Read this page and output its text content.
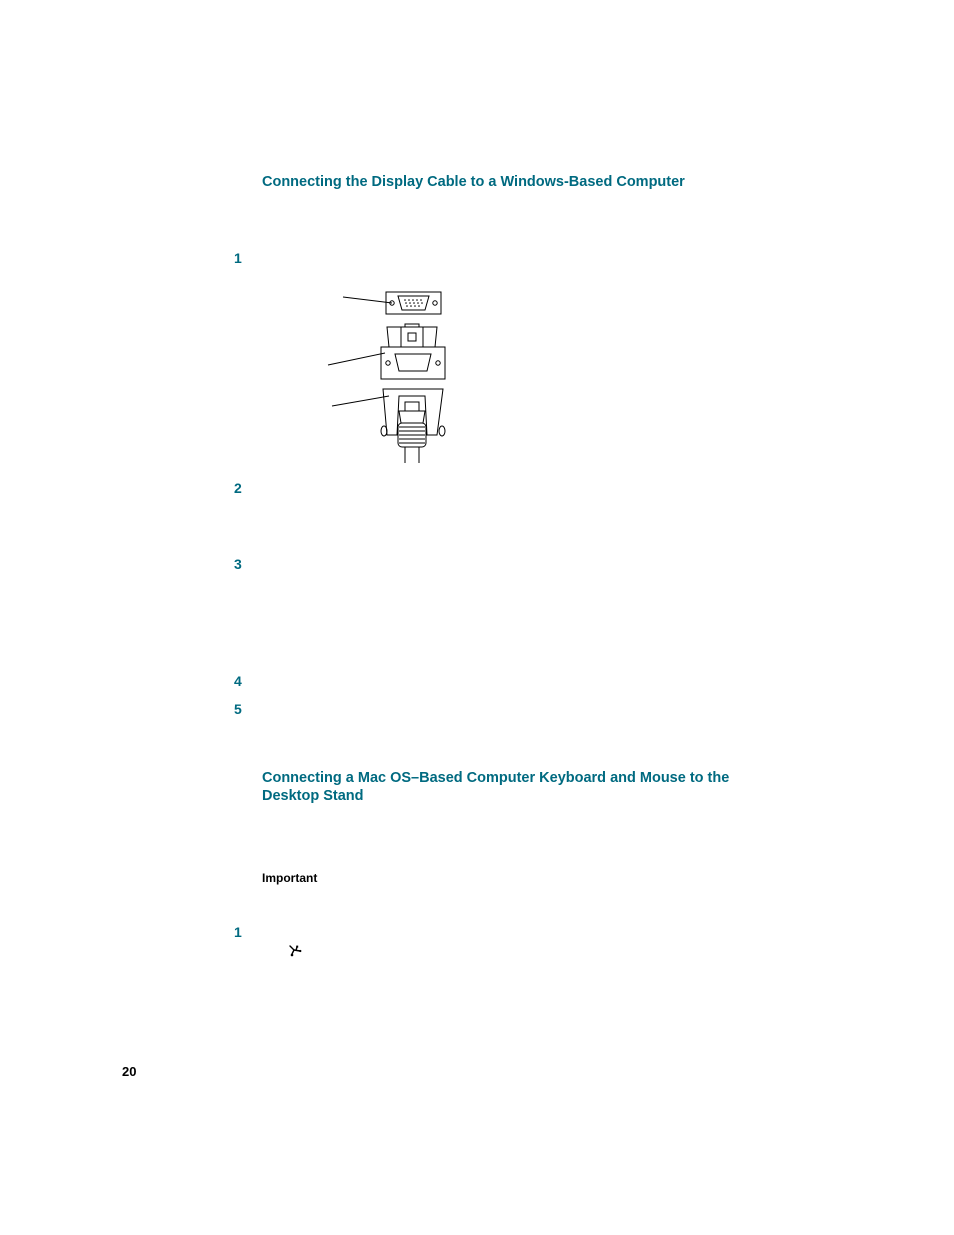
Connecting the Display Cable to a Windows-Based Computer
1
2
3
4
5
Connecting a Mac OS–Based Computer Keyboard and Mouse to the
Desktop Stand
Important
1
20
